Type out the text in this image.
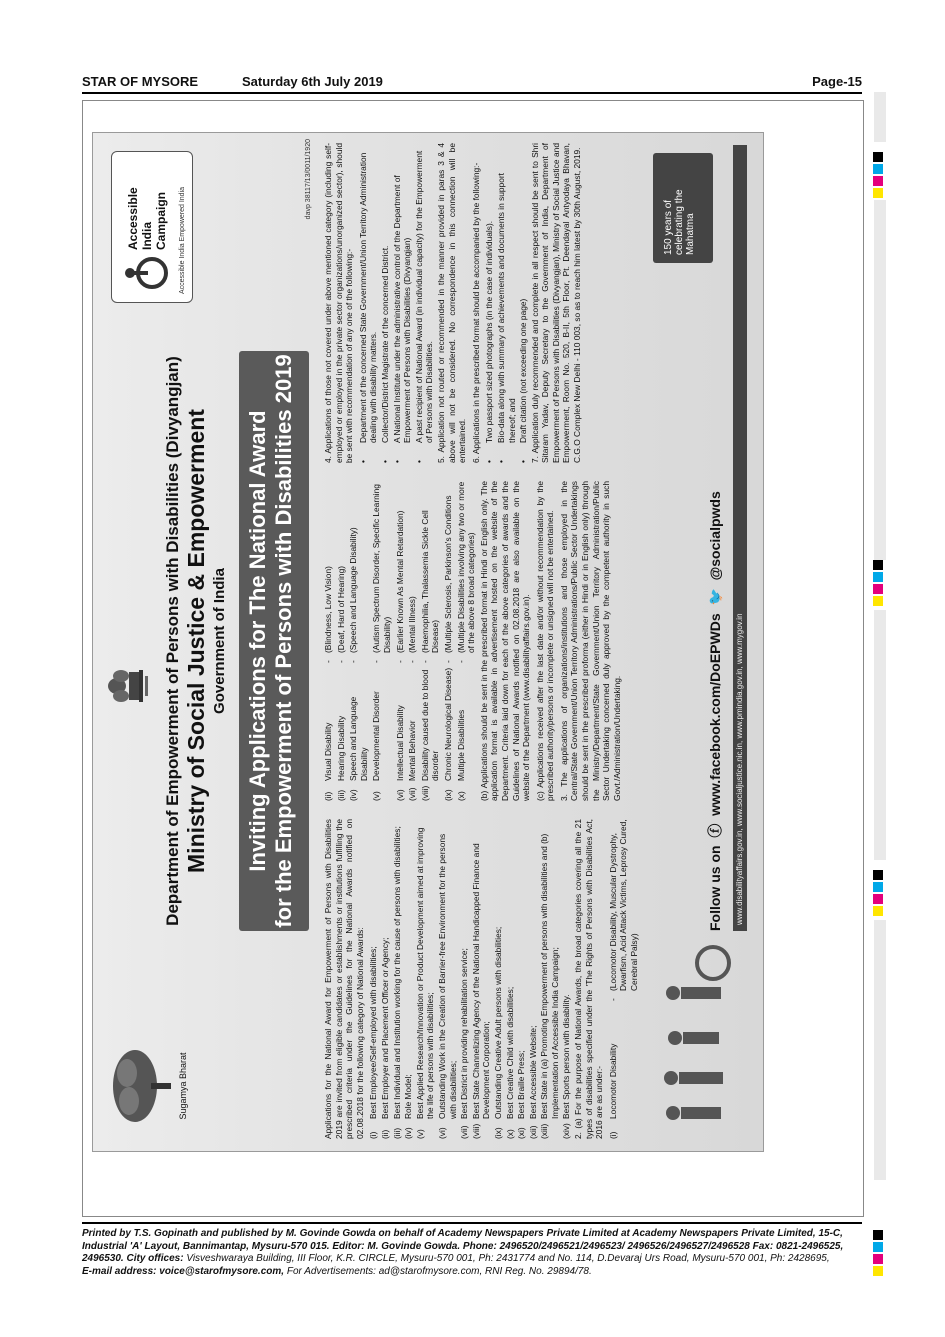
STAR OF MYSORE	Saturday 6th July 2019	Page-15
Sugamya Bharat
Department of Empowerment of Persons with Disabilities (Divyangjan) Ministry of Social Justice & Empowerment Government of India Inviting Applications for The National Award for the Empowerment of Persons with Disabilities 2019
Accessible India Campaign Accessible India Empowered India
davp 38117/13/0011/1920

Applications for the National Award for Empowerment of Persons with Disabilities 2019 are invited from eligible candidates or establishments or institutions fulfilling the prescribed criteria under the Guidelines for the National Awards notified on 02.08.2018 for the following category of National Awards: (i)
Best Employee/Self-employed with disabilities;
(ii)
Best Employer and Placement Officer or Agency;
(iii)
Best Individual and Institution working for the cause of persons with disabilities;
(iv)
Role Model;
(v)
Best Applied Research/Innovation or Product Development aimed at improving the life of persons with disabilities;
(vi)
Outstanding Work in the Creation of Barrier-free Environment for the persons with disabilities;
(vii)
Best District in providing rehabilitation service;
(viii)
Best State Channelizing Agency of the National Handicapped Finance and Development Corporation;
(ix)
Outstanding Creative Adult persons with disabilities;
(x)
Best Creative Child with disabilities;
(xi)
Best Braille Press;
(xii)
Best Accessible Website;
(xiii)
Best State in (a) Promoting Empowerment of persons with disabilities and (b) Implementation of Accessible India Campaign;
(xiv)
Best Sports person with disability. 2. (a) For the purpose of National Awards, the broad categories covering all the 21 types of disabilities specified under the 'The Rights of Persons with Disabilities Act, 2016 are as under:- (i)
Locomotor Disability
-
(Locomotor Disability, Muscular Dystrophy, Dwarfism, Acid Attack Victims, Leprosy Cured, Cerebral Palsy)
(ii)
Visual Disability
-
(Blindness, Low Vision)
(iii)
Hearing Disability
-
(Deaf, Hard of Hearing)
(iv)
Speech and Language Disability
-
(Speech and Language Disability)
(v)
Developmental Disorder
-
(Autism Spectrum Disorder, Specific Learning Disability)
(vi)
Intellectual Disability
-
(Earlier Known As Mental Retardation)
(vii)
Mental Behavior
-
(Mental Illness)
(viii)
Disability caused due to blood disorder
-
(Haemophilia, Thalassemia Sickle Cell Disease)
(ix)
Chronic Neurological Disease)
-
(Multiple Sclerosis, Parkinson's Conditions
(x)
Multiple Disabilities
-
(Multiple Disabilities involving any two or more of the above 8 broad categories) (b) Applications should be sent in the prescribed format in Hindi or English only. The application format is available in advertisement hosted on the website of the Department. Criteria laid down for each of the above categories of awards and the Guidelines of National Awards notified on 02.08.2018 are also available on the website of the Department (www.disabilityaffairs.gov.in). (c) Applications received after the last date and/or without recommendation by the prescribed authority/persons or incomplete or unsigned will not be entertained. 3. The applications of organizations/institutions and those employed in the Central/State Government/Union Territory Administrations/Public Sector Undertakings should be sent in the prescribed proforma (either in Hindi or in English only) through the Ministry/Department/State Government/Union Territory Administration/Public Sector Undertaking concerned duly approved by the competent authority in such Govt./Administration/Undertaking.

4. Applications of those not covered under above mentioned category (including self-employed or employed in the private sector organizations/unorganized sector), should be sent with recommendation of any one of the following:- •
Department of the concerned State Government/Union Territory Administration dealing with disability matters.
•
Collector/District Magistrate of the concerned District.
•
A National Institute under the administrative control of the Department of Empowerment of Persons with Disabilities (Divyangjan)
•
A past recipient of National Award (in individual capacity) for the Empowerment of Persons with Disabilities. 5. Application not routed or recommended in the manner provided in paras 3 & 4 above will not be considered. No correspondence in this connection will be entertained. 6. Applications in the prescribed format should be accompanied by the following:- •
Two passport sized photographs (in the case of individuals).
•
Bio-data along with summary of achievements and documents in support thereof; and
•
Draft citation (not exceeding one page) 7. Application duly recommended and complete in all respect should be sent to Shri Sitaram Yadav, Deputy Secretary to the Government of India, Department of Empowerment of Persons with Disabilities (Divyangjan), Ministry of Social Justice and Empowerment, Room No. 520, B-II, 5th Floor, Pt. Deendayal Antyodaya Bhavan, C.G.O Complex New Delhi - 110 003, so as to reach him latest by 30th August, 2019.

Follow us on  ⓕ  www.facebook.com/DoEPWDs  🐦  @socialpwds
www.disabilityaffairs.gov.in, www.socialjustice.nic.in, www.pmindia.gov.in, www.mygov.in
150 years of celebrating the Mahatma
Printed by T.S. Gopinath and published by M. Govinde Gowda on behalf of Academy Newspapers Private Limited at Academy Newspapers Private Limited, 15-C,
Industrial 'A' Layout, Bannimantap, Mysuru-570 015. Editor: M. Govinde Gowda. Phone: 2496520/2496521/2496523/ 2496526/2496527/2496528 Fax: 0821-2496525,
2496530. City offices: Visveshwaraya Building, III Floor, K.R. CIRCLE, Mysuru-570 001, Ph: 2431774 and No. 114, D.Devaraj Urs Road, Mysuru-570 001, Ph: 2428695,
E-mail address: voice@starofmysore.com, For Advertisements: ad@starofmysore.com, RNI Reg. No. 29894/78.
